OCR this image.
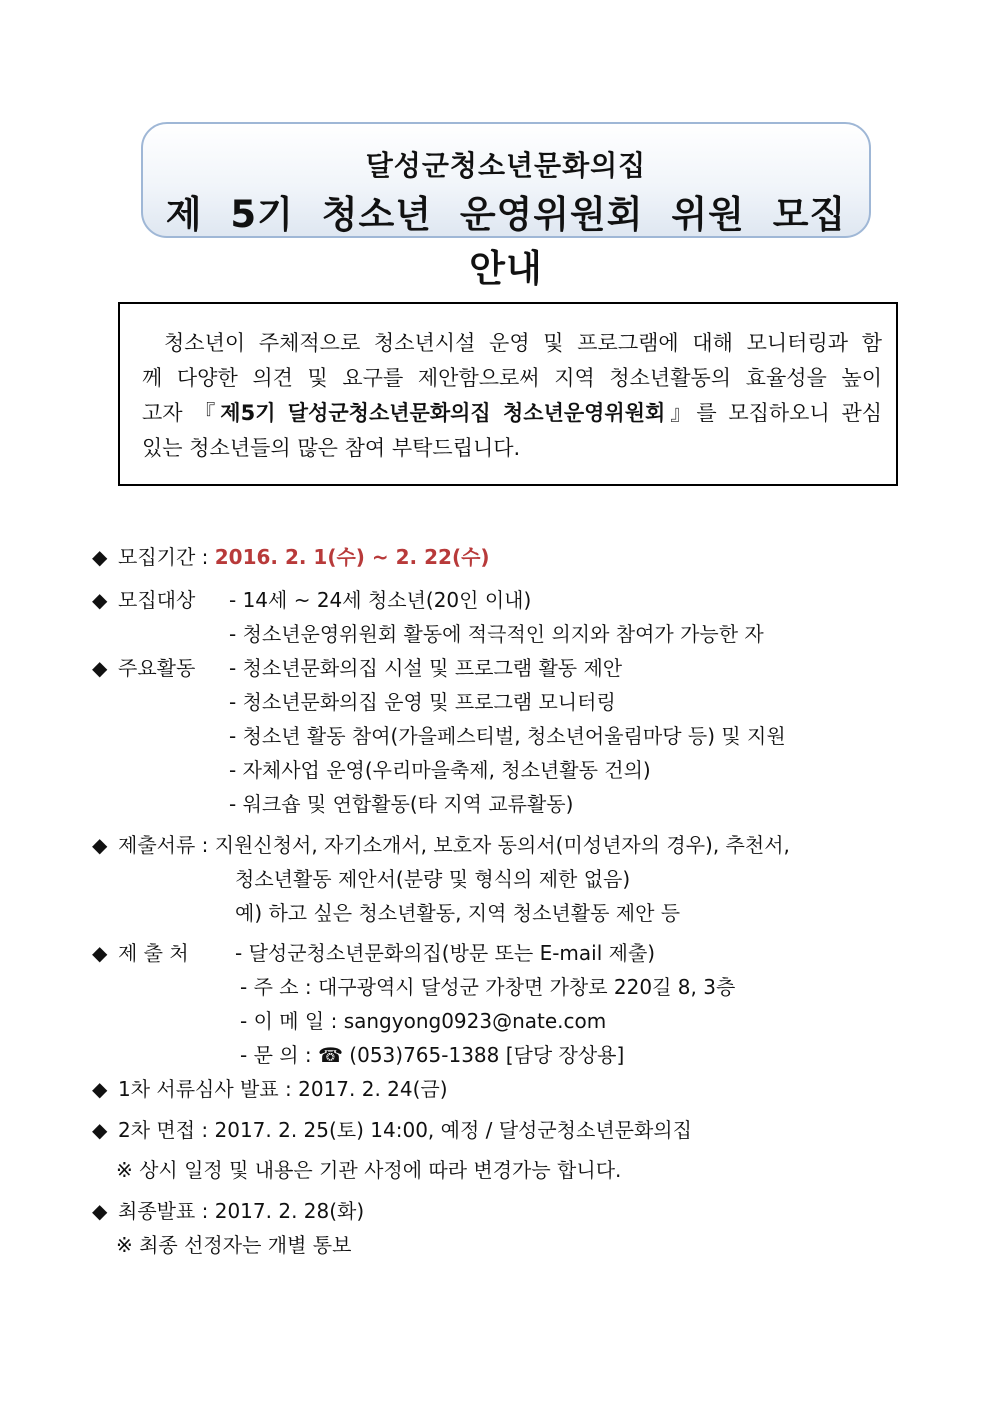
달성군청소년문화의집
제 5기 청소년 운영위원회 위원 모집 안내
청소년이 주체적으로 청소년시설 운영 및 프로그램에 대해 모니터링과 함
께 다양한 의견 및 요구를 제안함으로써 지역 청소년활동의 효율성을 높이
고자 『제5기 달성군청소년문화의집 청소년운영위원회』를 모집하오니 관심
있는 청소년들의 많은 참여 부탁드립니다.
◆ 모집기간 : 2016. 2. 1(수) ~ 2. 22(수)
◆ 모집대상 - 14세 ~ 24세 청소년(20인 이내)
- 청소년운영위원회 활동에 적극적인 의지와 참여가 가능한 자
◆ 주요활동 - 청소년문화의집 시설 및 프로그램 활동 제안
- 청소년문화의집 운영 및 프로그램 모니터링
- 청소년 활동 참여(가을페스티벌, 청소년어울림마당 등) 및 지원
- 자체사업 운영(우리마을축제, 청소년활동 건의)
- 워크숍 및 연합활동(타 지역 교류활동)
◆ 제출서류 : 지원신청서, 자기소개서, 보호자 동의서(미성년자의 경우), 추천서,
청소년활동 제안서(분량 및 형식의 제한 없음)
예) 하고 싶은 청소년활동, 지역 청소년활동 제안 등
◆ 제 출 처 - 달성군청소년문화의집(방문 또는 E-mail 제출)
- 주 소 : 대구광역시 달성군 가창면 가창로 220길 8, 3층
- 이 메 일 : sangyong0923@nate.com
- 문 의 : ☎ (053)765-1388 [담당 장상용]
◆ 1차 서류심사 발표 : 2017. 2. 24(금)
◆ 2차 면접 : 2017. 2. 25(토) 14:00, 예정 / 달성군청소년문화의집
※ 상시 일정 및 내용은 기관 사정에 따라 변경가능 합니다.
◆ 최종발표 : 2017. 2. 28(화)
※ 최종 선정자는 개별 통보
